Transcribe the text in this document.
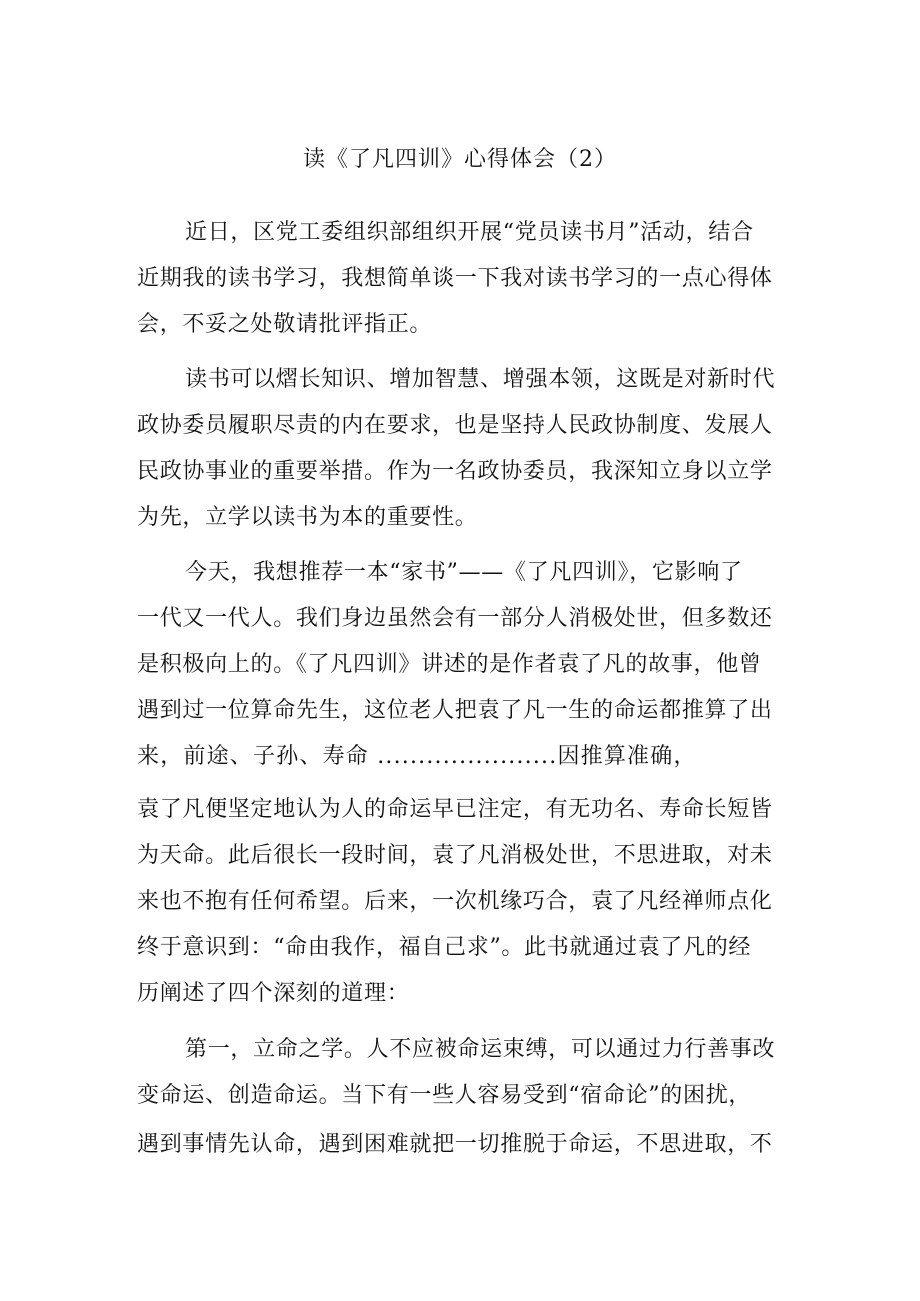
读《了凡四训》心得体会（2）

近日，区党工委组织部组织开展“党员读书月”活动，结合

近期我的读书学习，我想简单谈一下我对读书学习的一点心得体

会，不妥之处敬请批评指正。

读书可以熠长知识、增加智慧、增强本领，这既是对新时代

政协委员履职尽责的内在要求，也是坚持人民政协制度、发展人

民政协事业的重要举措。作为一名政协委员，我深知立身以立学

为先，立学以读书为本的重要性。

今天，我想推荐一本“家书”——《了凡四训》，它影响了

一代又一代人。我们身边虽然会有一部分人消极处世，但多数还

是积极向上的。《了凡四训》讲述的是作者袁了凡的故事，他曾

遇到过一位算命先生，这位老人把袁了凡一生的命运都推算了出

来，前途、子孙、寿命 ......................因推算准确，

袁了凡便坚定地认为人的命运早已注定，有无功名、寿命长短皆

为天命。此后很长一段时间，袁了凡消极处世，不思进取，对未

来也不抱有任何希望。后来，一次机缘巧合，袁了凡经禅师点化

终于意识到：“命由我作，福自己求”。此书就通过袁了凡的经

历阐述了四个深刻的道理：

第一，立命之学。人不应被命运束缚，可以通过力行善事改

变命运、创造命运。当下有一些人容易受到“宿命论”的困扰，

遇到事情先认命，遇到困难就把一切推脱于命运，不思进取，不
